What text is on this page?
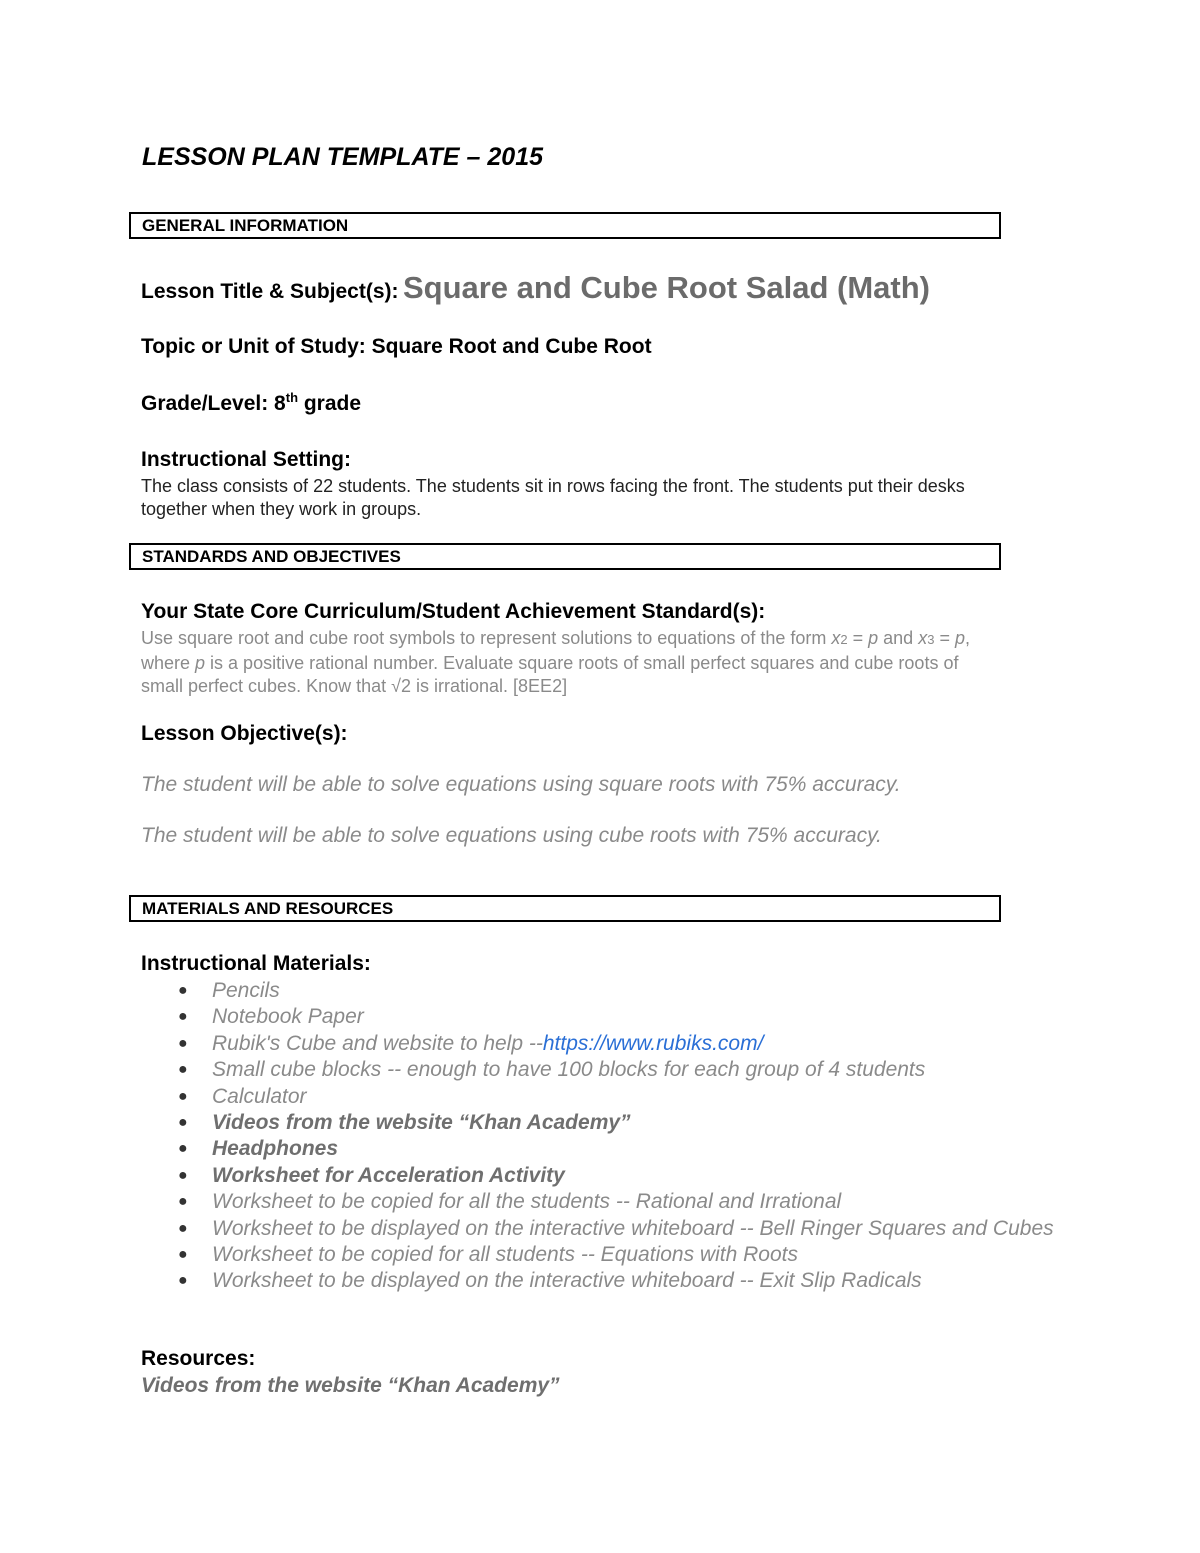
LESSON PLAN TEMPLATE – 2015
GENERAL INFORMATION
Lesson Title & Subject(s): Square and Cube Root Salad (Math)
Topic or Unit of Study: Square Root and Cube Root
Grade/Level: 8th grade
Instructional Setting:
The class consists of 22 students. The students sit in rows facing the front. The students put their desks
together when they work in groups.
STANDARDS AND OBJECTIVES
Your State Core Curriculum/Student Achievement Standard(s):
Use square root and cube root symbols to represent solutions to equations of the form x2 = p and x3 = p,
where p is a positive rational number. Evaluate square roots of small perfect squares and cube roots of
small perfect cubes. Know that √2 is irrational. [8EE2]
Lesson Objective(s):
The student will be able to solve equations using square roots with 75% accuracy.
The student will be able to solve equations using cube roots with 75% accuracy.
MATERIALS AND RESOURCES
Instructional Materials:
● Pencils
● Notebook Paper
● Rubik's Cube and website to help --https://www.rubiks.com/
● Small cube blocks -- enough to have 100 blocks for each group of 4 students
● Calculator
● Videos from the website “Khan Academy”
● Headphones
● Worksheet for Acceleration Activity
● Worksheet to be copied for all the students -- Rational and Irrational
● Worksheet to be displayed on the interactive whiteboard -- Bell Ringer Squares and Cubes
● Worksheet to be copied for all students -- Equations with Roots
● Worksheet to be displayed on the interactive whiteboard -- Exit Slip Radicals
Resources:
Videos from the website “Khan Academy”
